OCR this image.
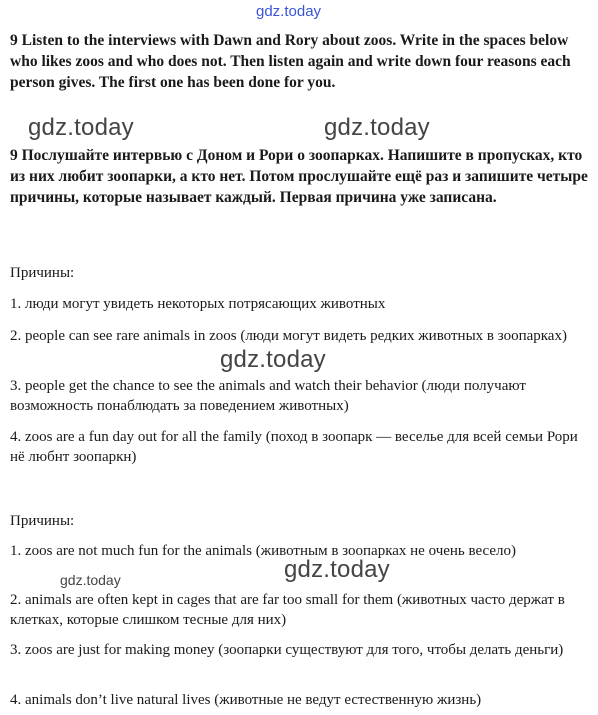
gdz.today
gdz.today	gdz.today
gdz.today
gdz.today
gdz.today

9 Listen to the interviews with Dawn and Rory about zoos. Write in the spaces below who likes zoos and who does not. Then listen again and write down four reasons each person gives. The first one has been done for you.

9 Послушайте интервью с Доном и Рори о зоопарках. Напишите в пропусках, кто из них любит зоопарки, а кто нет. Потом прослушайте ещё раз и запишите четыре причины, которые называет каждый. Первая причина уже записана.

Причины:

1. люди могут увидеть некоторых потрясающих животных

2. people can see rare animals in zoos (люди могут видеть редких животных в зоопарках)

3. people get the chance to see the animals and watch their behavior (люди получают возможность понаблюдать за поведением животных)

4. zoos are a fun day out for all the family (поход в зоопарк — веселье для всей семьи Рори нё любнт зоопаркн)

Причины:

1. zoos are not much fun for the animals (животным в зоопарках не очень весело)

2. animals are often kept in cages that are far too small for them (животных часто держат в клетках, которые слишком тесные для них)

3. zoos are just for making money (зоопарки существуют для того, чтобы делать деньги)

4. animals don’t live natural lives (животные не ведут естественную жизнь)
